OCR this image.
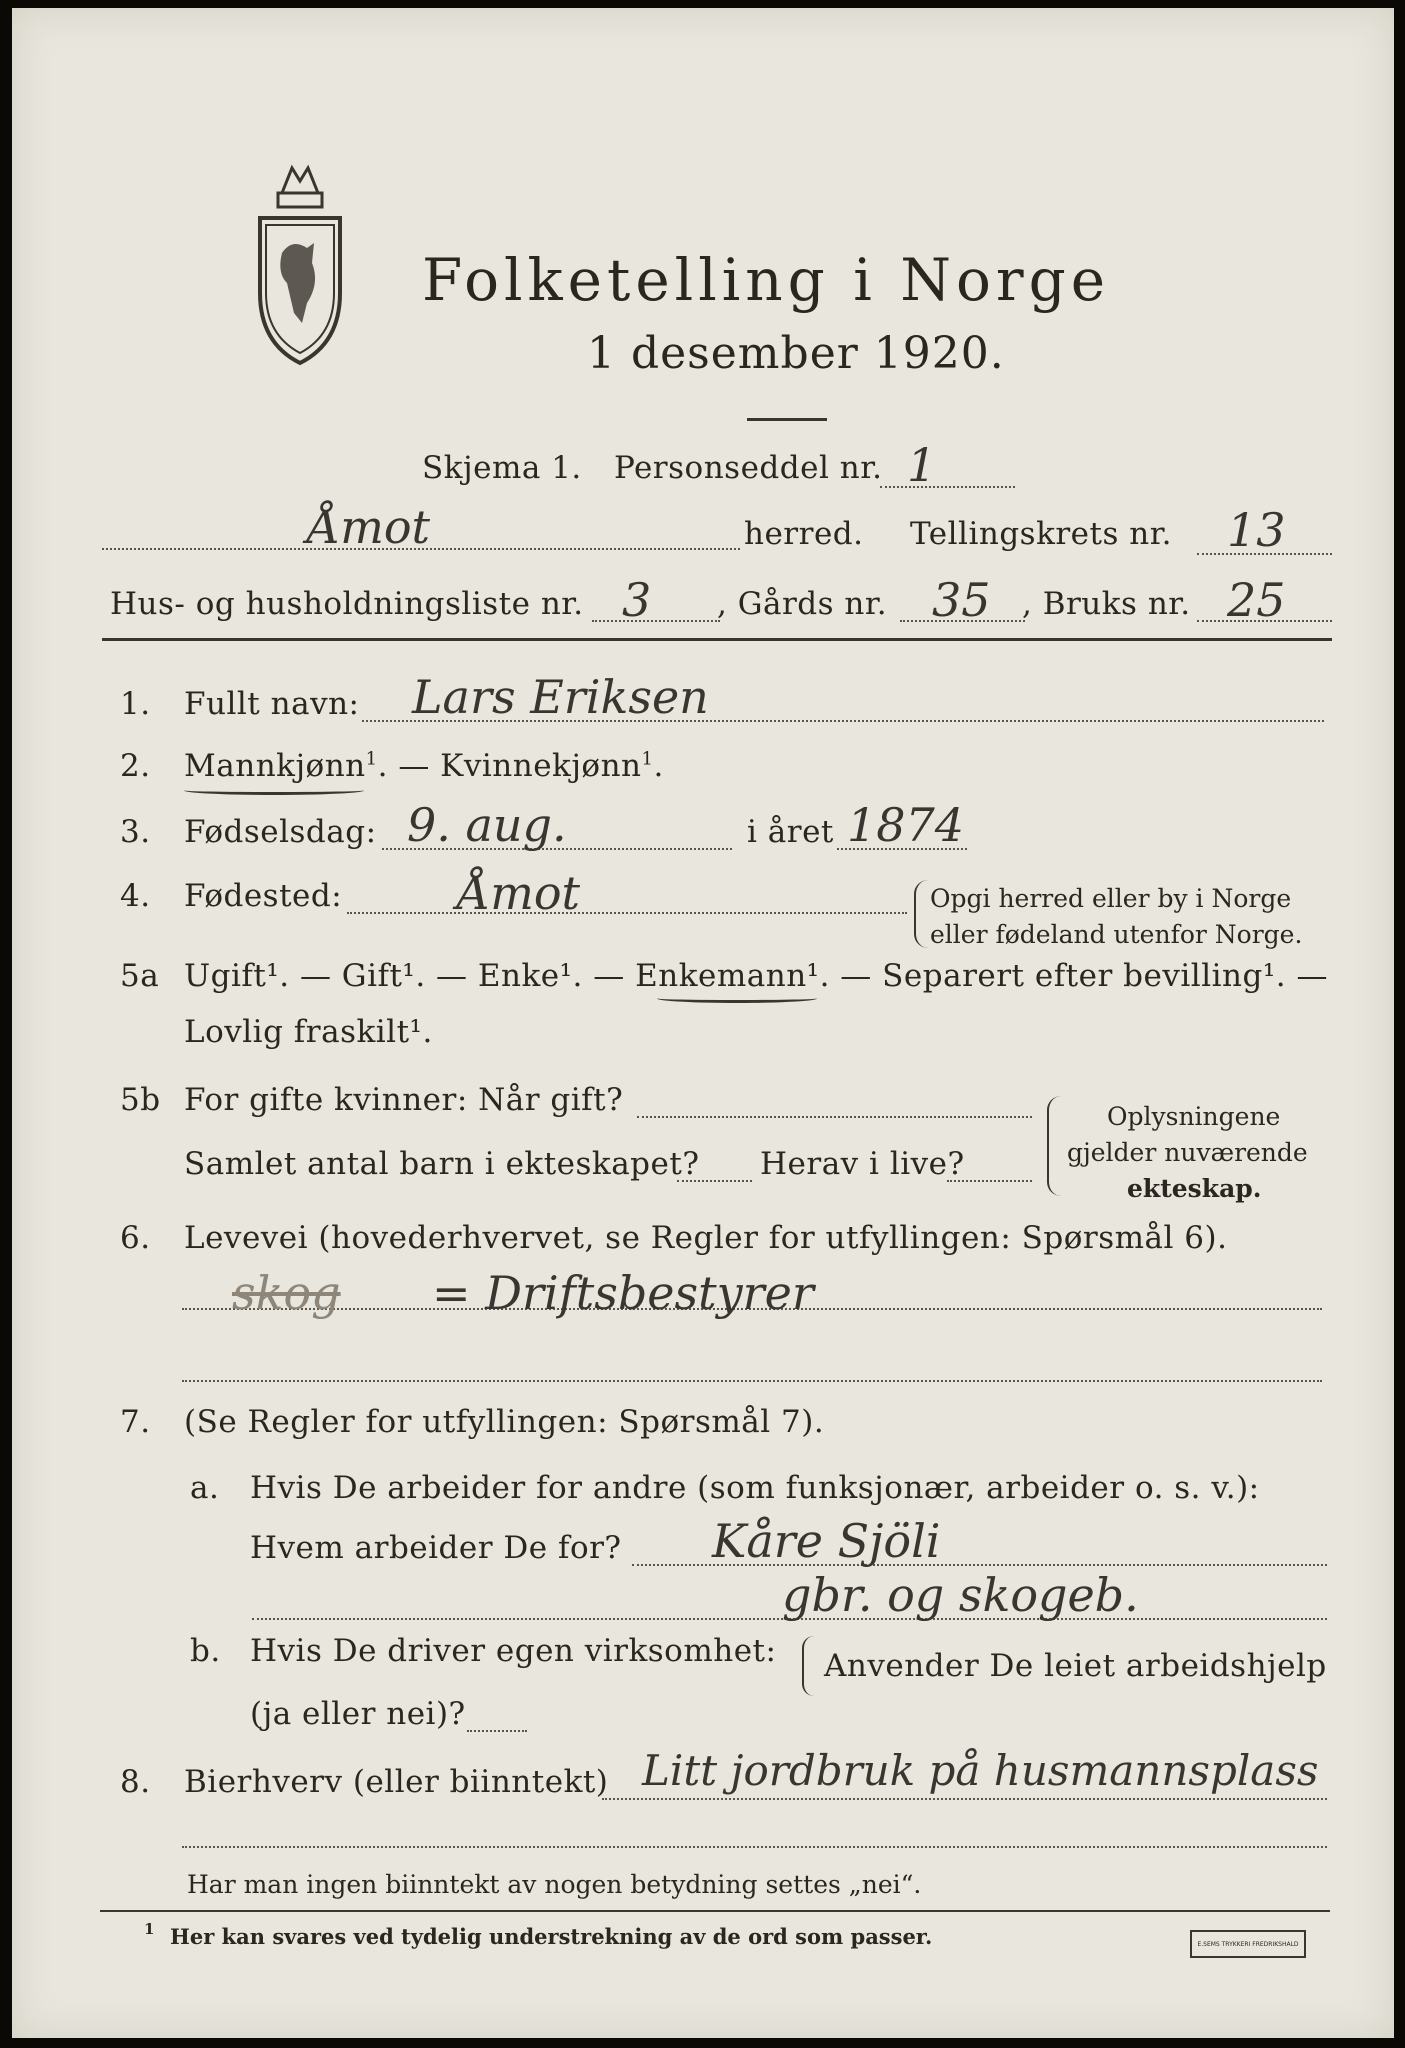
Folketelling i Norge
1 desember 1920.
Skjema 1. Personseddel nr. 1
Åmot	herred. Tellingskrets nr. 13
Hus- og husholdningsliste nr. 3 , Gårds nr. 35 , Bruks nr. 25
1. Fullt navn: Lars Eriksen
2. Mannkjønn$^1$. — Kvinnekjønn$^1$.
3. Fødselsdag: 9. aug.	i året 1874
4. Fødested: Åmot	Opgi herred eller by i Norge
eller fødeland utenfor Norge.
5a Ugift¹. — Gift¹. — Enke¹. — Enkemann¹. — Separert efter bevilling¹. —
Lovlig fraskilt¹.
5b For gifte kvinner: Når gift?
Samlet antal barn i ekteskapet? Herav i live?
Oplysningene
gjelder nuværende
ekteskap.
6. Levevei (hovederhvervet, se Regler for utfyllingen: Spørsmål 6).
skog = Driftsbestyrer
7. (Se Regler for utfyllingen: Spørsmål 7).
a. Hvis De arbeider for andre (som funksjonær, arbeider o. s. v.):
Hvem arbeider De for? Kåre Sjöli
gbr. og skogeb.
b. Hvis De driver egen virksomhet: Anvender De leiet arbeidshjelp
(ja eller nei)?
8. Bierhverv (eller biinntekt) Litt jordbruk på husmannsplass
Har man ingen biinntekt av nogen betydning settes „nei“.
1 Her kan svares ved tydelig understrekning av de ord som passer.	E.SEMS TRYKKERI FREDRIKSHALD
